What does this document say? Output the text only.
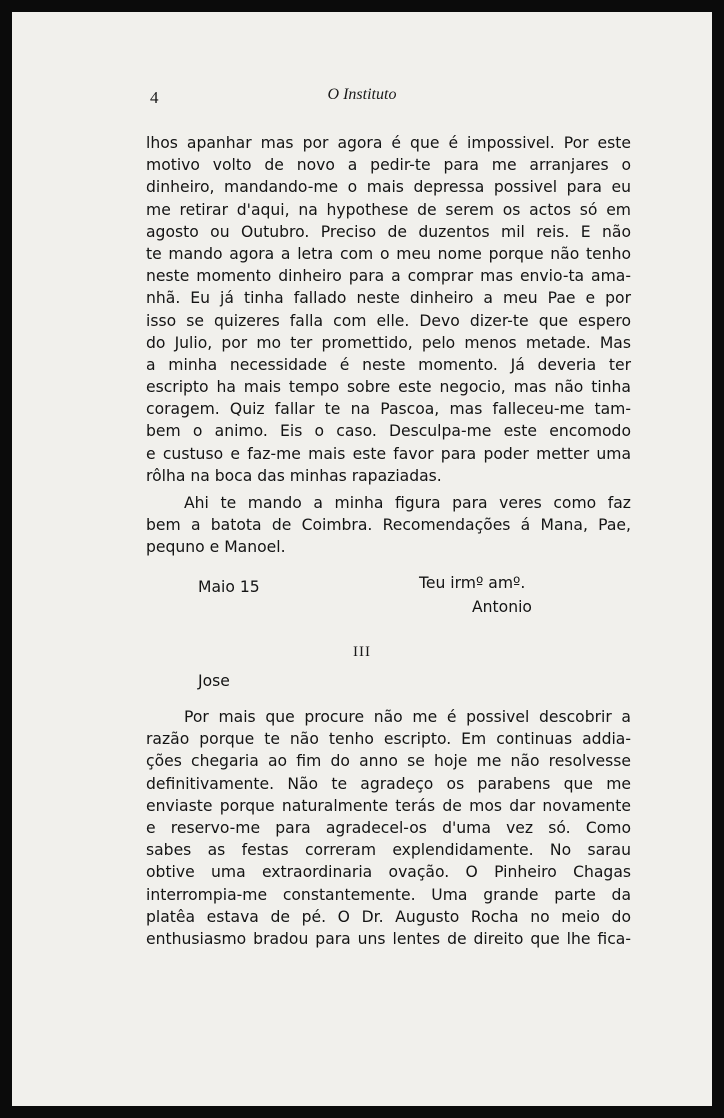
4	O Instituto
lhos apanhar mas por agora é que é impossivel. Por este
motivo volto de novo a pedir-te para me arranjares o
dinheiro, mandando-me o mais depressa possivel para eu
me retirar d'aqui, na hypothese de serem os actos só em
agosto ou Outubro. Preciso de duzentos mil reis. E não
te mando agora a letra com o meu nome porque não tenho
neste momento dinheiro para a comprar mas envio-ta ama-
nhã. Eu já tinha fallado neste dinheiro a meu Pae e por
isso se quizeres falla com elle. Devo dizer-te que espero
do Julio, por mo ter promettido, pelo menos metade. Mas
a minha necessidade é neste momento. Já deveria ter
escripto ha mais tempo sobre este negocio, mas não tinha
coragem. Quiz fallar te na Pascoa, mas falleceu-me tam-
bem o animo. Eis o caso. Desculpa-me este encomodo
e custuso e faz-me mais este favor para poder metter uma
rôlha na boca das minhas rapaziadas.
Ahi te mando a minha figura para veres como faz
bem a batota de Coimbra. Recomendações á Mana, Pae,
pequno e Manoel.
Maio 15	Teu irmº amº.
Antonio
III
Jose
Por mais que procure não me é possivel descobrir a
razão porque te não tenho escripto. Em continuas addia-
ções chegaria ao fim do anno se hoje me não resolvesse
definitivamente. Não te agradeço os parabens que me
enviaste porque naturalmente terás de mos dar novamente
e reservo-me para agradecel-os d'uma vez só. Como
sabes as festas correram explendidamente. No sarau
obtive uma extraordinaria ovação. O Pinheiro Chagas
interrompia-me constantemente. Uma grande parte da
platêa estava de pé. O Dr. Augusto Rocha no meio do
enthusiasmo bradou para uns lentes de direito que lhe fica-
